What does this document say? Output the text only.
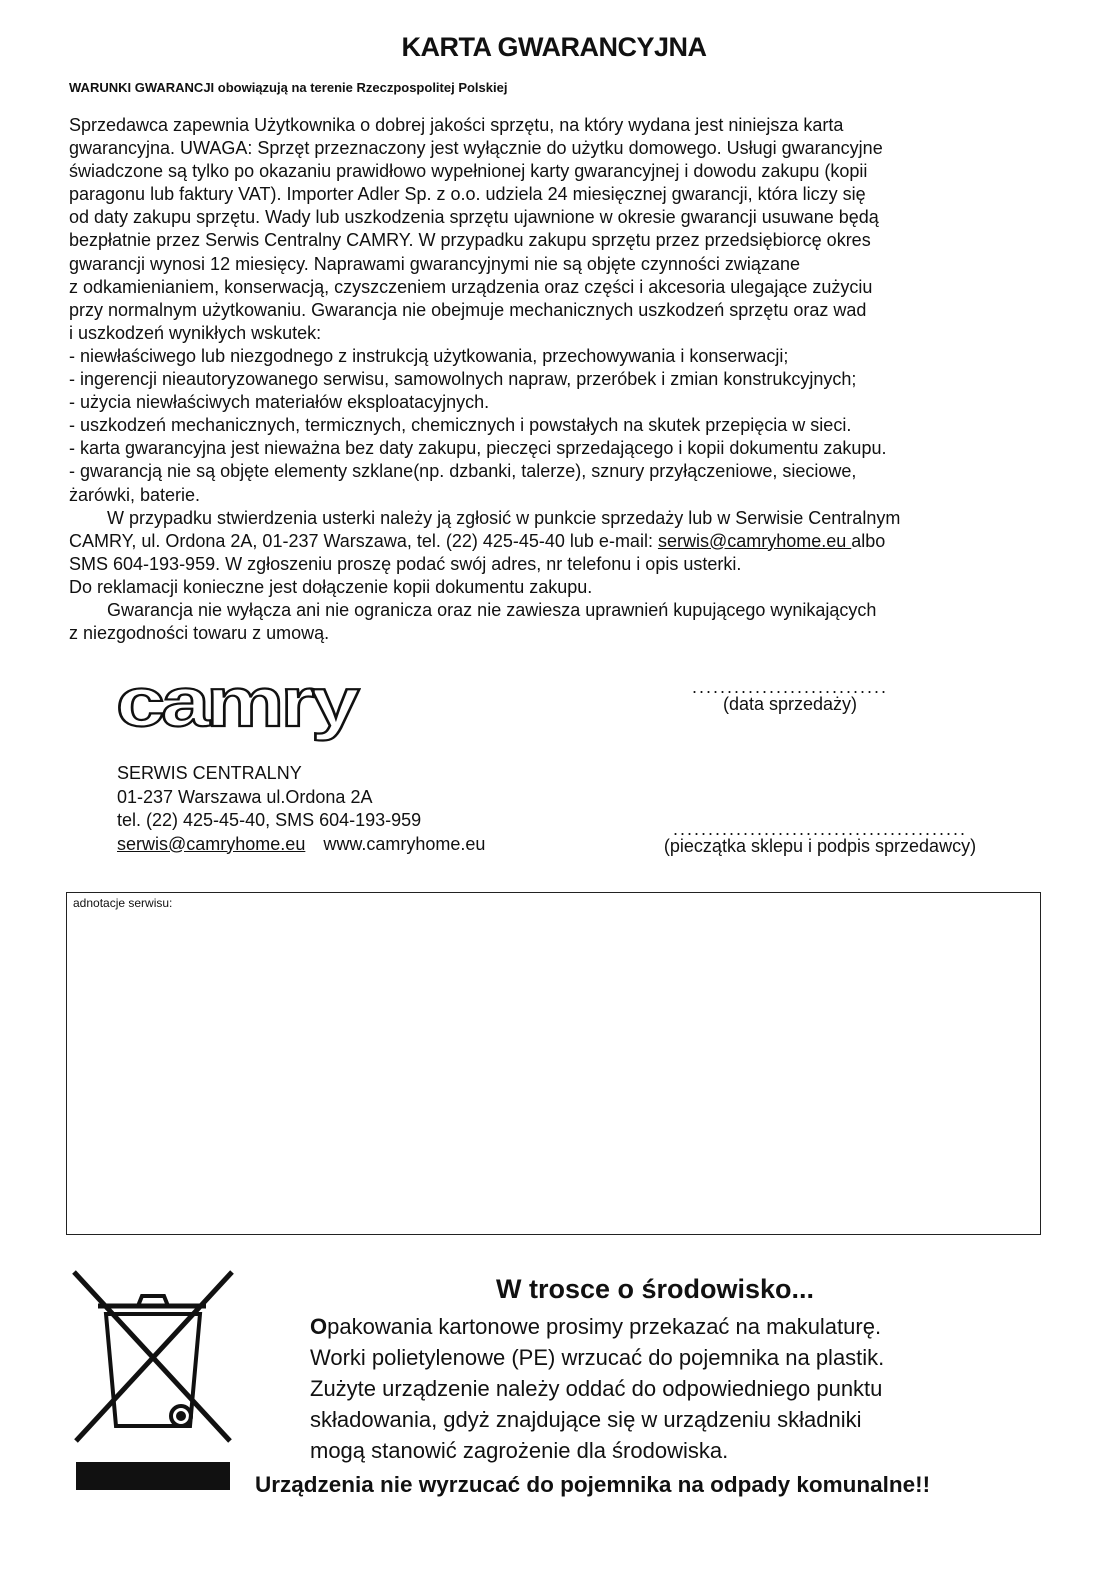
KARTA GWARANCYJNA
WARUNKI GWARANCJI obowiązują na terenie Rzeczpospolitej Polskiej

Sprzedawca zapewnia Użytkownika o dobrej jakości sprzętu, na który wydana jest niniejsza karta

gwarancyjna. UWAGA: Sprzęt przeznaczony jest wyłącznie do użytku domowego. Usługi gwarancyjne

świadczone są tylko po okazaniu prawidłowo wypełnionej karty gwarancyjnej i dowodu zakupu (kopii

paragonu lub faktury VAT). Importer Adler Sp. z o.o. udziela 24 miesięcznej gwarancji, która liczy się

od daty zakupu sprzętu. Wady lub uszkodzenia sprzętu ujawnione w okresie gwarancji usuwane będą

bezpłatnie przez Serwis Centralny CAMRY. W przypadku zakupu sprzętu przez przedsiębiorcę okres

gwarancji wynosi 12 miesięcy. Naprawami gwarancyjnymi nie są objęte czynności związane

z odkamienianiem, konserwacją, czyszczeniem urządzenia oraz części i akcesoria ulegające zużyciu

przy normalnym użytkowaniu. Gwarancja nie obejmuje mechanicznych uszkodzeń sprzętu oraz wad

i uszkodzeń wynikłych wskutek:

- niewłaściwego lub niezgodnego z instrukcją użytkowania, przechowywania i konserwacji;

- ingerencji nieautoryzowanego serwisu, samowolnych napraw, przeróbek i zmian konstrukcyjnych;

- użycia niewłaściwych materiałów eksploatacyjnych.

- uszkodzeń mechanicznych, termicznych, chemicznych i powstałych na skutek przepięcia w sieci.

- karta gwarancyjna jest nieważna bez daty zakupu, pieczęci sprzedającego i kopii dokumentu zakupu.

- gwarancją nie są objęte elementy szklane(np. dzbanki, talerze), sznury przyłączeniowe, sieciowe,

żarówki, baterie.

W przypadku stwierdzenia usterki należy ją zgłosić w punkcie sprzedaży lub w Serwisie Centralnym

CAMRY, ul. Ordona 2A, 01-237 Warszawa, tel. (22) 425-45-40 lub e-mail: serwis@camryhome.eu albo

SMS 604-193-959. W zgłoszeniu proszę podać swój adres, nr telefonu i opis usterki.

Do reklamacji konieczne jest dołączenie kopii dokumentu zakupu.

Gwarancja nie wyłącza ani nie ogranicza oraz nie zawiesza uprawnień kupującego wynikających

z niezgodności towaru z umową.

camry
SERWIS CENTRALNY
01-237 Warszawa ul.Ordona 2A
tel. (22) 425-45-40, SMS 604-193-959
serwis@camryhome.eu www.camryhome.eu
............................
(data sprzedaży)
..........................................
(pieczątka sklepu i podpis sprzedawcy)
adnotacje serwisu:
W trosce o środowisko...

Opakowania kartonowe prosimy przekazać na makulaturę.

Worki polietylenowe (PE) wrzucać do pojemnika na plastik.

Zużyte urządzenie należy oddać do odpowiedniego punktu

składowania, gdyż znajdujące się w urządzeniu składniki

mogą stanowić zagrożenie dla środowiska.

Urządzenia nie wyrzucać do pojemnika na odpady komunalne!!
